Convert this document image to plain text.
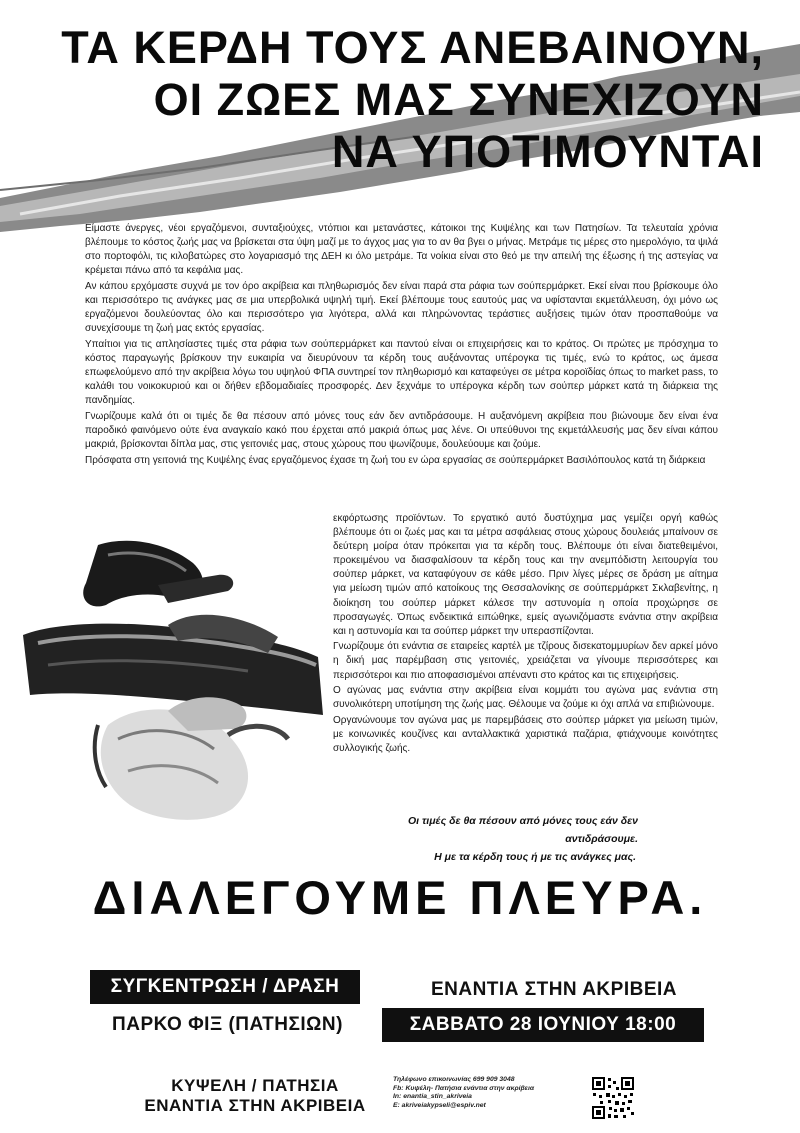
ΤΑ ΚΕΡΔΗ ΤΟΥΣ ΑΝΕΒΑΙΝΟΥΝ,
ΟΙ ΖΩΕΣ ΜΑΣ ΣΥΝΕΧΙΖΟΥΝ
ΝΑ ΥΠΟΤΙΜΟΥΝΤΑΙ

Είμαστε άνεργες, νέοι εργαζόμενοι, συνταξιούχες, ντόπιοι και μετανάστες, κάτοικοι της Κυψέλης και των Πατησίων. Τα τελευταία χρόνια βλέπουμε το κόστος ζωής μας να βρίσκεται στα ύψη μαζί με το άγχος μας για το αν θα βγει ο μήνας. Μετράμε τις μέρες στο ημερολόγιο, τα ψιλά στο πορτοφόλι, τις κιλοβατώρες στο λογαριασμό της ΔΕΗ κι όλο μετράμε. Τα νοίκια είναι στο θεό με την απειλή της έξωσης ή της αστεγίας να κρέμεται πάνω από τα κεφάλια μας.

Αν κάπου ερχόμαστε συχνά με τον όρο ακρίβεια και πληθωρισμός δεν είναι παρά στα ράφια των σούπερμάρκετ. Εκεί είναι που βρίσκουμε όλο και περισσότερο τις ανάγκες μας σε μια υπερβολικά υψηλή τιμή. Εκεί βλέπουμε τους εαυτούς μας να υφίστανται εκμετάλλευση, όχι μόνο ως εργαζόμενοι δουλεύοντας όλο και περισσότερο για λιγότερα, αλλά και πληρώνοντας τεράστιες αυξήσεις τιμών όταν προσπαθούμε να συνεχίσουμε τη ζωή μας εκτός εργασίας.

Υπαίτιοι για τις απλησίαστες τιμές στα ράφια των σούπερμάρκετ και παντού είναι οι επιχειρήσεις και το κράτος. Οι πρώτες με πρόσχημα το κόστος παραγωγής βρίσκουν την ευκαιρία να διευρύνουν τα κέρδη τους αυξάνοντας υπέρογκα τις τιμές, ενώ το κράτος, ως άμεσα επωφελούμενο από την ακρίβεια λόγω του υψηλού ΦΠΑ συντηρεί τον πληθωρισμό και καταφεύγει σε μέτρα κοροϊδίας όπως το market pass, το καλάθι του νοικοκυριού και οι δήθεν εβδομαδιαίες προσφορές. Δεν ξεχνάμε το υπέρογκα κέρδη των σούπερ μάρκετ κατά τη διάρκεια της πανδημίας.

Γνωρίζουμε καλά ότι οι τιμές δε θα πέσουν από μόνες τους εάν δεν αντιδράσουμε. Η αυξανόμενη ακρίβεια που βιώνουμε δεν είναι ένα παροδικό φαινόμενο ούτε ένα αναγκαίο κακό που έρχεται από μακριά όπως μας λένε. Οι υπεύθυνοι της εκμετάλλευσής μας δεν είναι κάπου μακριά, βρίσκονται δίπλα μας, στις γειτονιές μας, στους χώρους που ψωνίζουμε, δουλεύουμε και ζούμε.

Πρόσφατα στη γειτονιά της Κυψέλης ένας εργαζόμενος έχασε τη ζωή του εν ώρα εργασίας σε σούπερμάρκετ Βασιλόπουλος κατά τη διάρκεια

εκφόρτωσης προϊόντων. Το εργατικό αυτό δυστύχημα μας γεμίζει οργή καθώς βλέπουμε ότι οι ζωές μας και τα μέτρα ασφάλειας στους χώρους δουλειάς μπαίνουν σε δεύτερη μοίρα όταν πρόκειται για τα κέρδη τους. Βλέπουμε ότι είναι διατεθειμένοι, προκειμένου να διασφαλίσουν τα κέρδη τους και την ανεμπόδιστη λειτουργία του σούπερ μάρκετ, να καταφύγουν σε κάθε μέσο. Πριν λίγες μέρες σε δράση με αίτημα για μείωση τιμών από κατοίκους της Θεσσαλονίκης σε σούπερμάρκετ Σκλαβενίτης, η διοίκηση του σούπερ μάρκετ κάλεσε την αστυνομία η οποία προχώρησε σε προσαγωγές. Όπως ενδεικτικά ειπώθηκε, εμείς αγωνιζόμαστε ενάντια στην ακρίβεια και η αστυνομία και τα σούπερ μάρκετ την υπερασπίζονται.

Γνωρίζουμε ότι ενάντια σε εταιρείες καρτέλ με τζίρους δισεκατομμυρίων δεν αρκεί μόνο η δική μας παρέμβαση στις γειτονιές, χρειάζεται να γίνουμε περισσότερες και περισσότεροι και πιο αποφασισμένοι απέναντι στο κράτος και τις επιχειρήσεις.

Ο αγώνας μας ενάντια στην ακρίβεια είναι κομμάτι του αγώνα μας ενάντια στη συνολικότερη υποτίμηση της ζωής μας. Θέλουμε να ζούμε κι όχι απλά να επιβιώνουμε.

Οργανώνουμε τον αγώνα μας με παρεμβάσεις στο σούπερ μάρκετ για μείωση τιμών, με κοινωνικές κουζίνες και ανταλλακτικά χαριστικά παζάρια, φτιάχνουμε κοινότητες συλλογικής ζωής.

Οι τιμές δε θα πέσουν από μόνες τους εάν δεν αντιδράσουμε.
Η με τα κέρδη τους ή με τις ανάγκες μας.
ΔΙΑΛΕΓΟΥΜΕ ΠΛΕΥΡΑ.
ΣΥΓΚΕΝΤΡΩΣΗ / ΔΡΑΣΗ	ΕΝΑΝΤΙΑ ΣΤΗΝ ΑΚΡΙΒΕΙΑ
ΠΑΡΚΟ ΦΙΞ (ΠΑΤΗΣΙΩΝ)	ΣΑΒΒΑΤΟ 28 ΙΟΥΝΙΟΥ 18:00
ΚΥΨΕΛΗ / ΠΑΤΗΣΙΑ
ΕΝΑΝΤΙΑ ΣΤΗΝ ΑΚΡΙΒΕΙΑ
Τηλέφωνο επικοινωνίας 699 909 3048
Fb: Κυψέλη- Πατήσια ενάντια στην ακρίβεια
In: enantia_stin_akriveia
E: akriveiakypseli@espiv.net
